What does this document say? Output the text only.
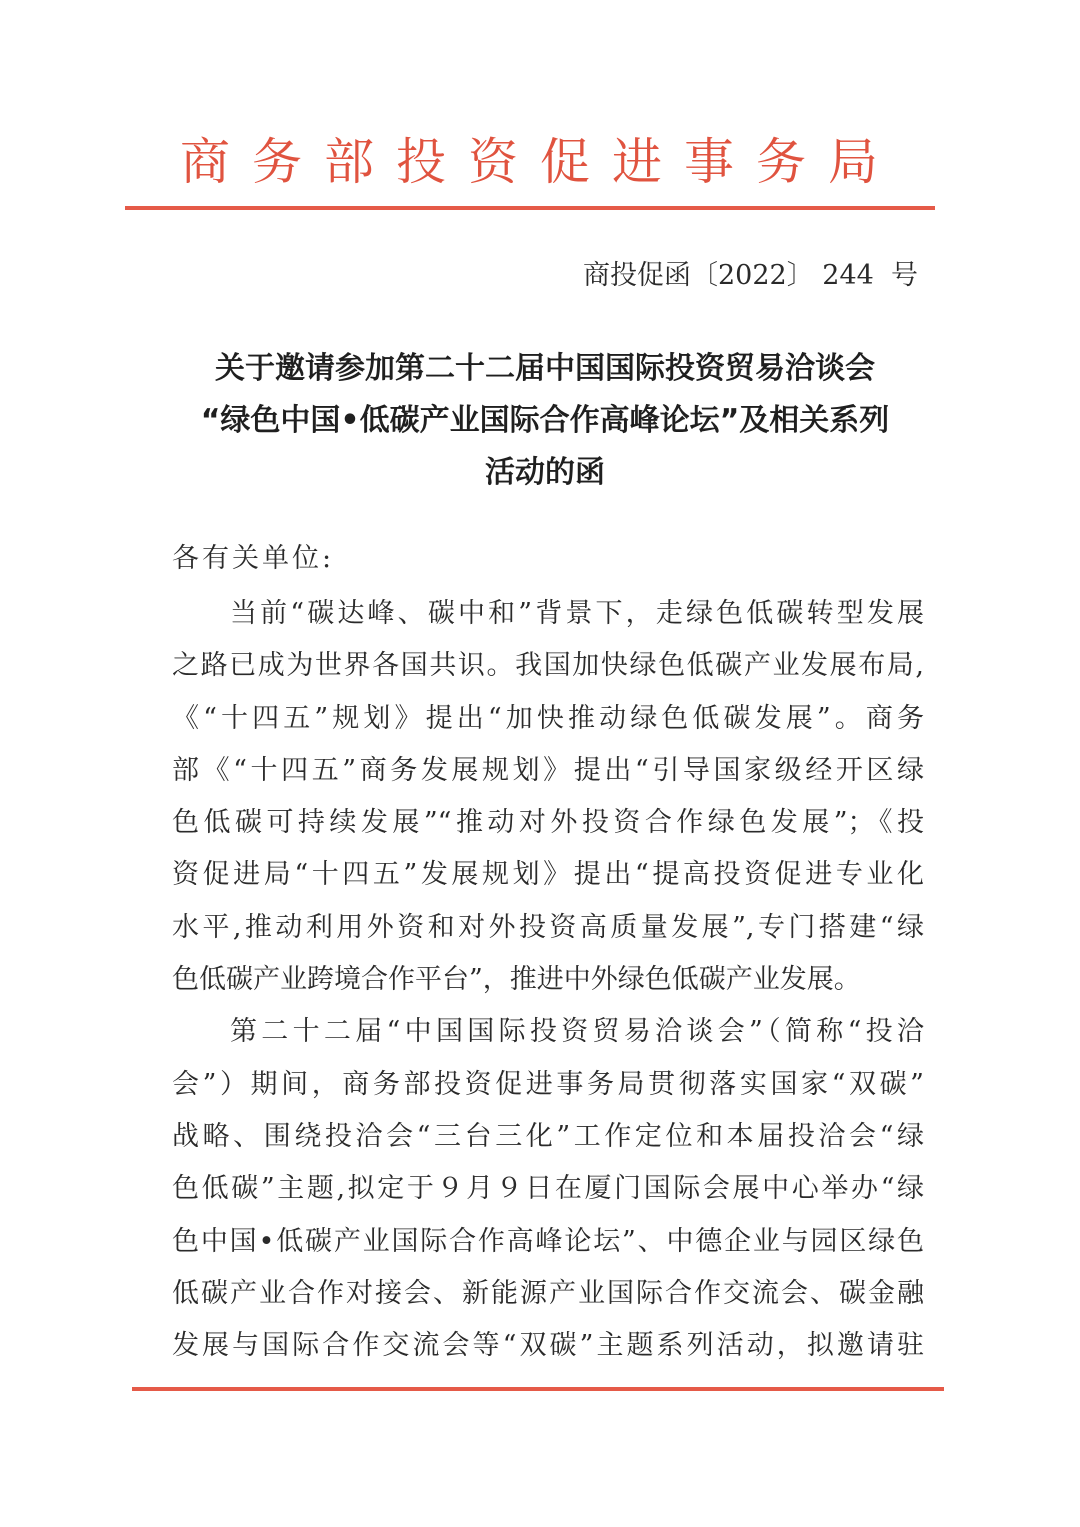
商务部投资促进事务局
商投促函〔2022〕 244  号
关于邀请参加第二十二届中国国际投资贸易洽谈会
“绿色中国•低碳产业国际合作高峰论坛”及相关系列
活动的函
各有关单位:
当前“碳达峰、碳中和”背景下，走绿色低碳转型发展
之路已成为世界各国共识。我国加快绿色低碳产业发展布局,
《“十四五”规划》提出“加快推动绿色低碳发展”。商务
部《“十四五”商务发展规划》提出“引导国家级经开区绿
色低碳可持续发展”“推动对外投资合作绿色发展”；《投
资促进局“十四五”发展规划》提出“提高投资促进专业化
水平,推动利用外资和对外投资高质量发展”,专门搭建“绿
色低碳产业跨境合作平台”，推进中外绿色低碳产业发展。
第二十二届“中国国际投资贸易洽谈会”（简称“投洽
会”）期间，商务部投资促进事务局贯彻落实国家“双碳”
战略、围绕投洽会“三台三化”工作定位和本届投洽会“绿
色低碳”主题,拟定于９月９日在厦门国际会展中心举办“绿
色中国•低碳产业国际合作高峰论坛”、中德企业与园区绿色
低碳产业合作对接会、新能源产业国际合作交流会、碳金融
发展与国际合作交流会等“双碳”主题系列活动，拟邀请驻
